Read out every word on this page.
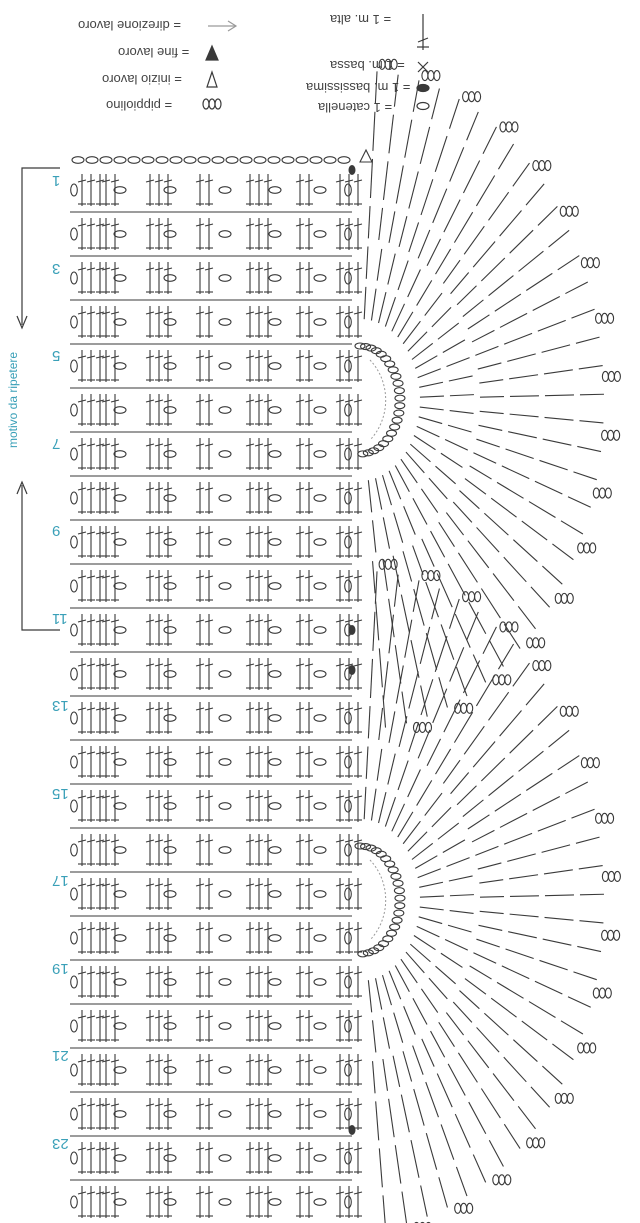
= 1 m. alta
= 1 m. bassa
= 1 m. bassissima
= 1 catenella
= direzione lavoro
= fine lavoro
= inizio lavoro
= pippiolino
motivo da ripetere
1
3
5
7
9
11
13
15
17
19
21
23
